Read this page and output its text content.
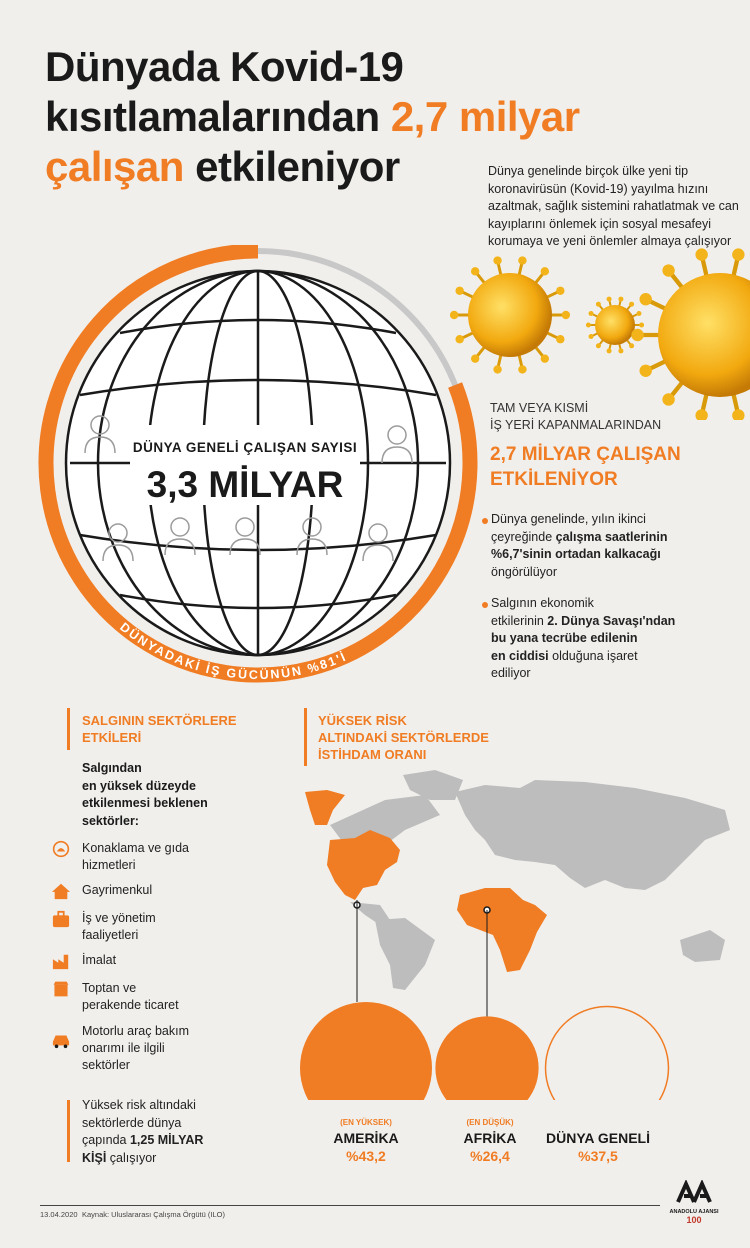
Dünyada Kovid-19
kısıtlamalarından 2,7 milyar
çalışan etkileniyor	Dünya genelinde birçok ülke yeni tip koronavirüsün (Kovid-19) yayılma hızını azaltmak, sağlık sistemini rahatlatmak ve can kayıplarını önlemek için sosyal mesafeyi korumaya ve yeni önlemler almaya çalışıyor
DÜNYA GENELİ ÇALIŞAN SAYISI
3,3 MİLYAR
DÜNYADAKİ İŞ GÜCÜNÜN %81'İ
TAM VEYA KISMİ
İŞ YERİ KAPANMALARINDAN
2,7 MİLYAR ÇALIŞAN
ETKİLENİYOR
Dünya genelinde, yılın ikinci
çeyreğinde çalışma saatlerinin
%6,7'sinin ortadan kalkacağı
öngörülüyor
Salgının ekonomik
etkilerinin 2. Dünya Savaşı'ndan
bu yana tecrübe edilenin
en ciddisi olduğuna işaret
ediliyor
SALGININ SEKTÖRLERE
ETKİLERİ
Salgından
en yüksek düzeyde
etkilenmesi beklenen
sektörler:
Konaklama ve gıda
hizmetleri
Gayrimenkul
İş ve yönetim
faaliyetleri
İmalat
Toptan ve
perakende ticaret
Motorlu araç bakım
onarımı ile ilgili
sektörler
Yüksek risk altındaki
sektörlerde dünya
çapında 1,25 MİLYAR
KİŞİ çalışıyor
YÜKSEK RİSK
ALTINDAKİ SEKTÖRLERDE
İSTİHDAM ORANI
(EN YÜKSEK)
AMERİKA
%43,2
(EN DÜŞÜK)
AFRİKA
%26,4
DÜNYA GENELİ
%37,5
13.04.2020 Kaynak: Uluslararası Çalışma Örgütü (ILO)	ANADOLU AJANSI
100
